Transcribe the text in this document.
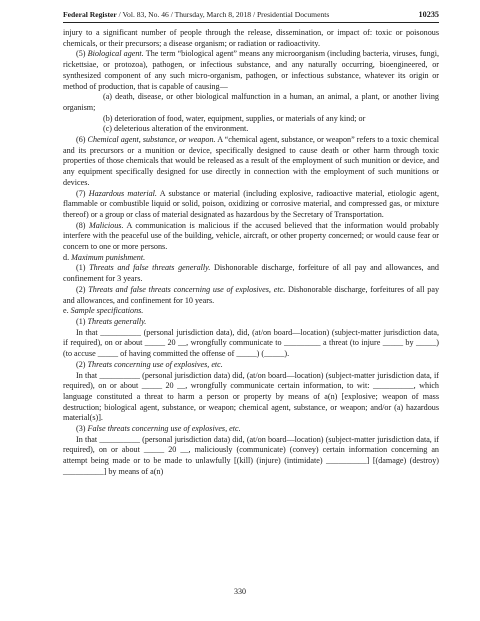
Federal Register / Vol. 83, No. 46 / Thursday, March 8, 2018 / Presidential Documents	10235

injury to a significant number of people through the release, dissemination, or impact of: toxic or poisonous chemicals, or their precursors; a disease organism; or radiation or radioactivity.

(5) Biological agent. The term “biological agent” means any microorganism (including bacteria, viruses, fungi, rickettsiae, or protozoa), pathogen, or infectious substance, and any naturally occurring, bioengineered, or synthesized component of any such micro-organism, pathogen, or infectious substance, whatever its origin or method of production, that is capable of causing—

(a) death, disease, or other biological malfunction in a human, an animal, a plant, or another living organism;

(b) deterioration of food, water, equipment, supplies, or materials of any kind; or

(c) deleterious alteration of the environment.

(6) Chemical agent, substance, or weapon. A “chemical agent, substance, or weapon” refers to a toxic chemical and its precursors or a munition or device, specifically designed to cause death or other harm through toxic properties of those chemicals that would be released as a result of the employment of such munition or device, and any equipment specifically designed for use directly in connection with the employment of such munitions or devices.

(7) Hazardous material. A substance or material (including explosive, radioactive material, etiologic agent, flammable or combustible liquid or solid, poison, oxidizing or corrosive material, and compressed gas, or mixture thereof) or a group or class of material designated as hazardous by the Secretary of Transportation.

(8) Malicious. A communication is malicious if the accused believed that the information would probably interfere with the peaceful use of the building, vehicle, aircraft, or other property concerned; or would cause fear or concern to one or more persons.

d. Maximum punishment.

(1) Threats and false threats generally. Dishonorable discharge, forfeiture of all pay and allowances, and confinement for 3 years.

(2) Threats and false threats concerning use of explosives, etc. Dishonorable discharge, forfeitures of all pay and allowances, and confinement for 10 years.

e. Sample specifications.

(1) Threats generally.

In that __________ (personal jurisdiction data), did, (at/on board—location) (subject-matter jurisdiction data, if required), on or about _____ 20 __, wrongfully communicate to _________ a threat (to injure _____ by _____) (to accuse _____ of having committed the offense of _____) (_____).

(2) Threats concerning use of explosives, etc.

In that __________ (personal jurisdiction data) did, (at/on board—location) (subject-matter jurisdiction data, if required), on or about _____ 20 __, wrongfully communicate certain information, to wit: __________, which language constituted a threat to harm a person or property by means of a(n) [explosive; weapon of mass destruction; biological agent, substance, or weapon; chemical agent, substance, or weapon; and/or (a) hazardous material(s)].

(3) False threats concerning use of explosives, etc.

In that __________ (personal jurisdiction data) did, (at/on board—location) (subject-matter jurisdiction data, if required), on or about _____ 20 __, maliciously (communicate) (convey) certain information concerning an attempt being made or to be made to unlawfully [(kill) (injure) (intimidate) __________] [(damage) (destroy) __________] by means of a(n)

330
